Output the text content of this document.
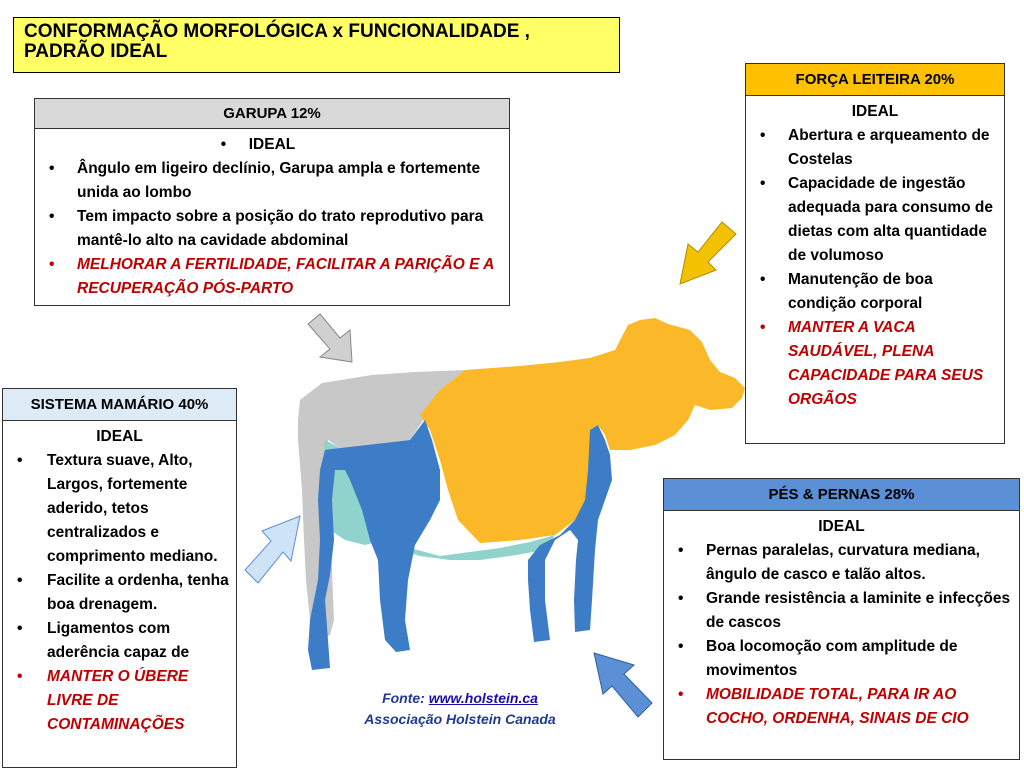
CONFORMAÇÃO MORFOLÓGICA x FUNCIONALIDADE ,
PADRÃO IDEAL
GARUPA 12%
• IDEAL
• Ângulo em ligeiro declínio, Garupa ampla e fortemente unida ao lombo
• Tem impacto sobre a posição do trato reprodutivo para mantê-lo alto na cavidade abdominal
• MELHORAR A FERTILIDADE, FACILITAR A PARIÇÃO E A RECUPERAÇÃO PÓS-PARTO
FORÇA LEITEIRA 20%
IDEAL
• Abertura e arqueamento de Costelas
• Capacidade de ingestão adequada para consumo de dietas com alta quantidade de volumoso
• Manutenção de boa condição corporal
• MANTER A VACA SAUDÁVEL, PLENA CAPACIDADE PARA SEUS ORGÃOS
SISTEMA MAMÁRIO 40%
IDEAL
• Textura suave, Alto, Largos, fortemente aderido, tetos centralizados e comprimento mediano.
• Facilite a ordenha, tenha boa drenagem.
• Ligamentos com aderência capaz de
• MANTER O ÚBERE LIVRE DE CONTAMINAÇÕES
PÉS & PERNAS 28%
IDEAL
• Pernas paralelas, curvatura mediana, ângulo de casco e talão altos.
• Grande resistência a laminite e infecções de cascos
• Boa locomoção com amplitude de movimentos
• MOBILIDADE TOTAL, PARA IR AO COCHO, ORDENHA, SINAIS DE CIO
Fonte: www.holstein.ca
Associação Holstein Canada
